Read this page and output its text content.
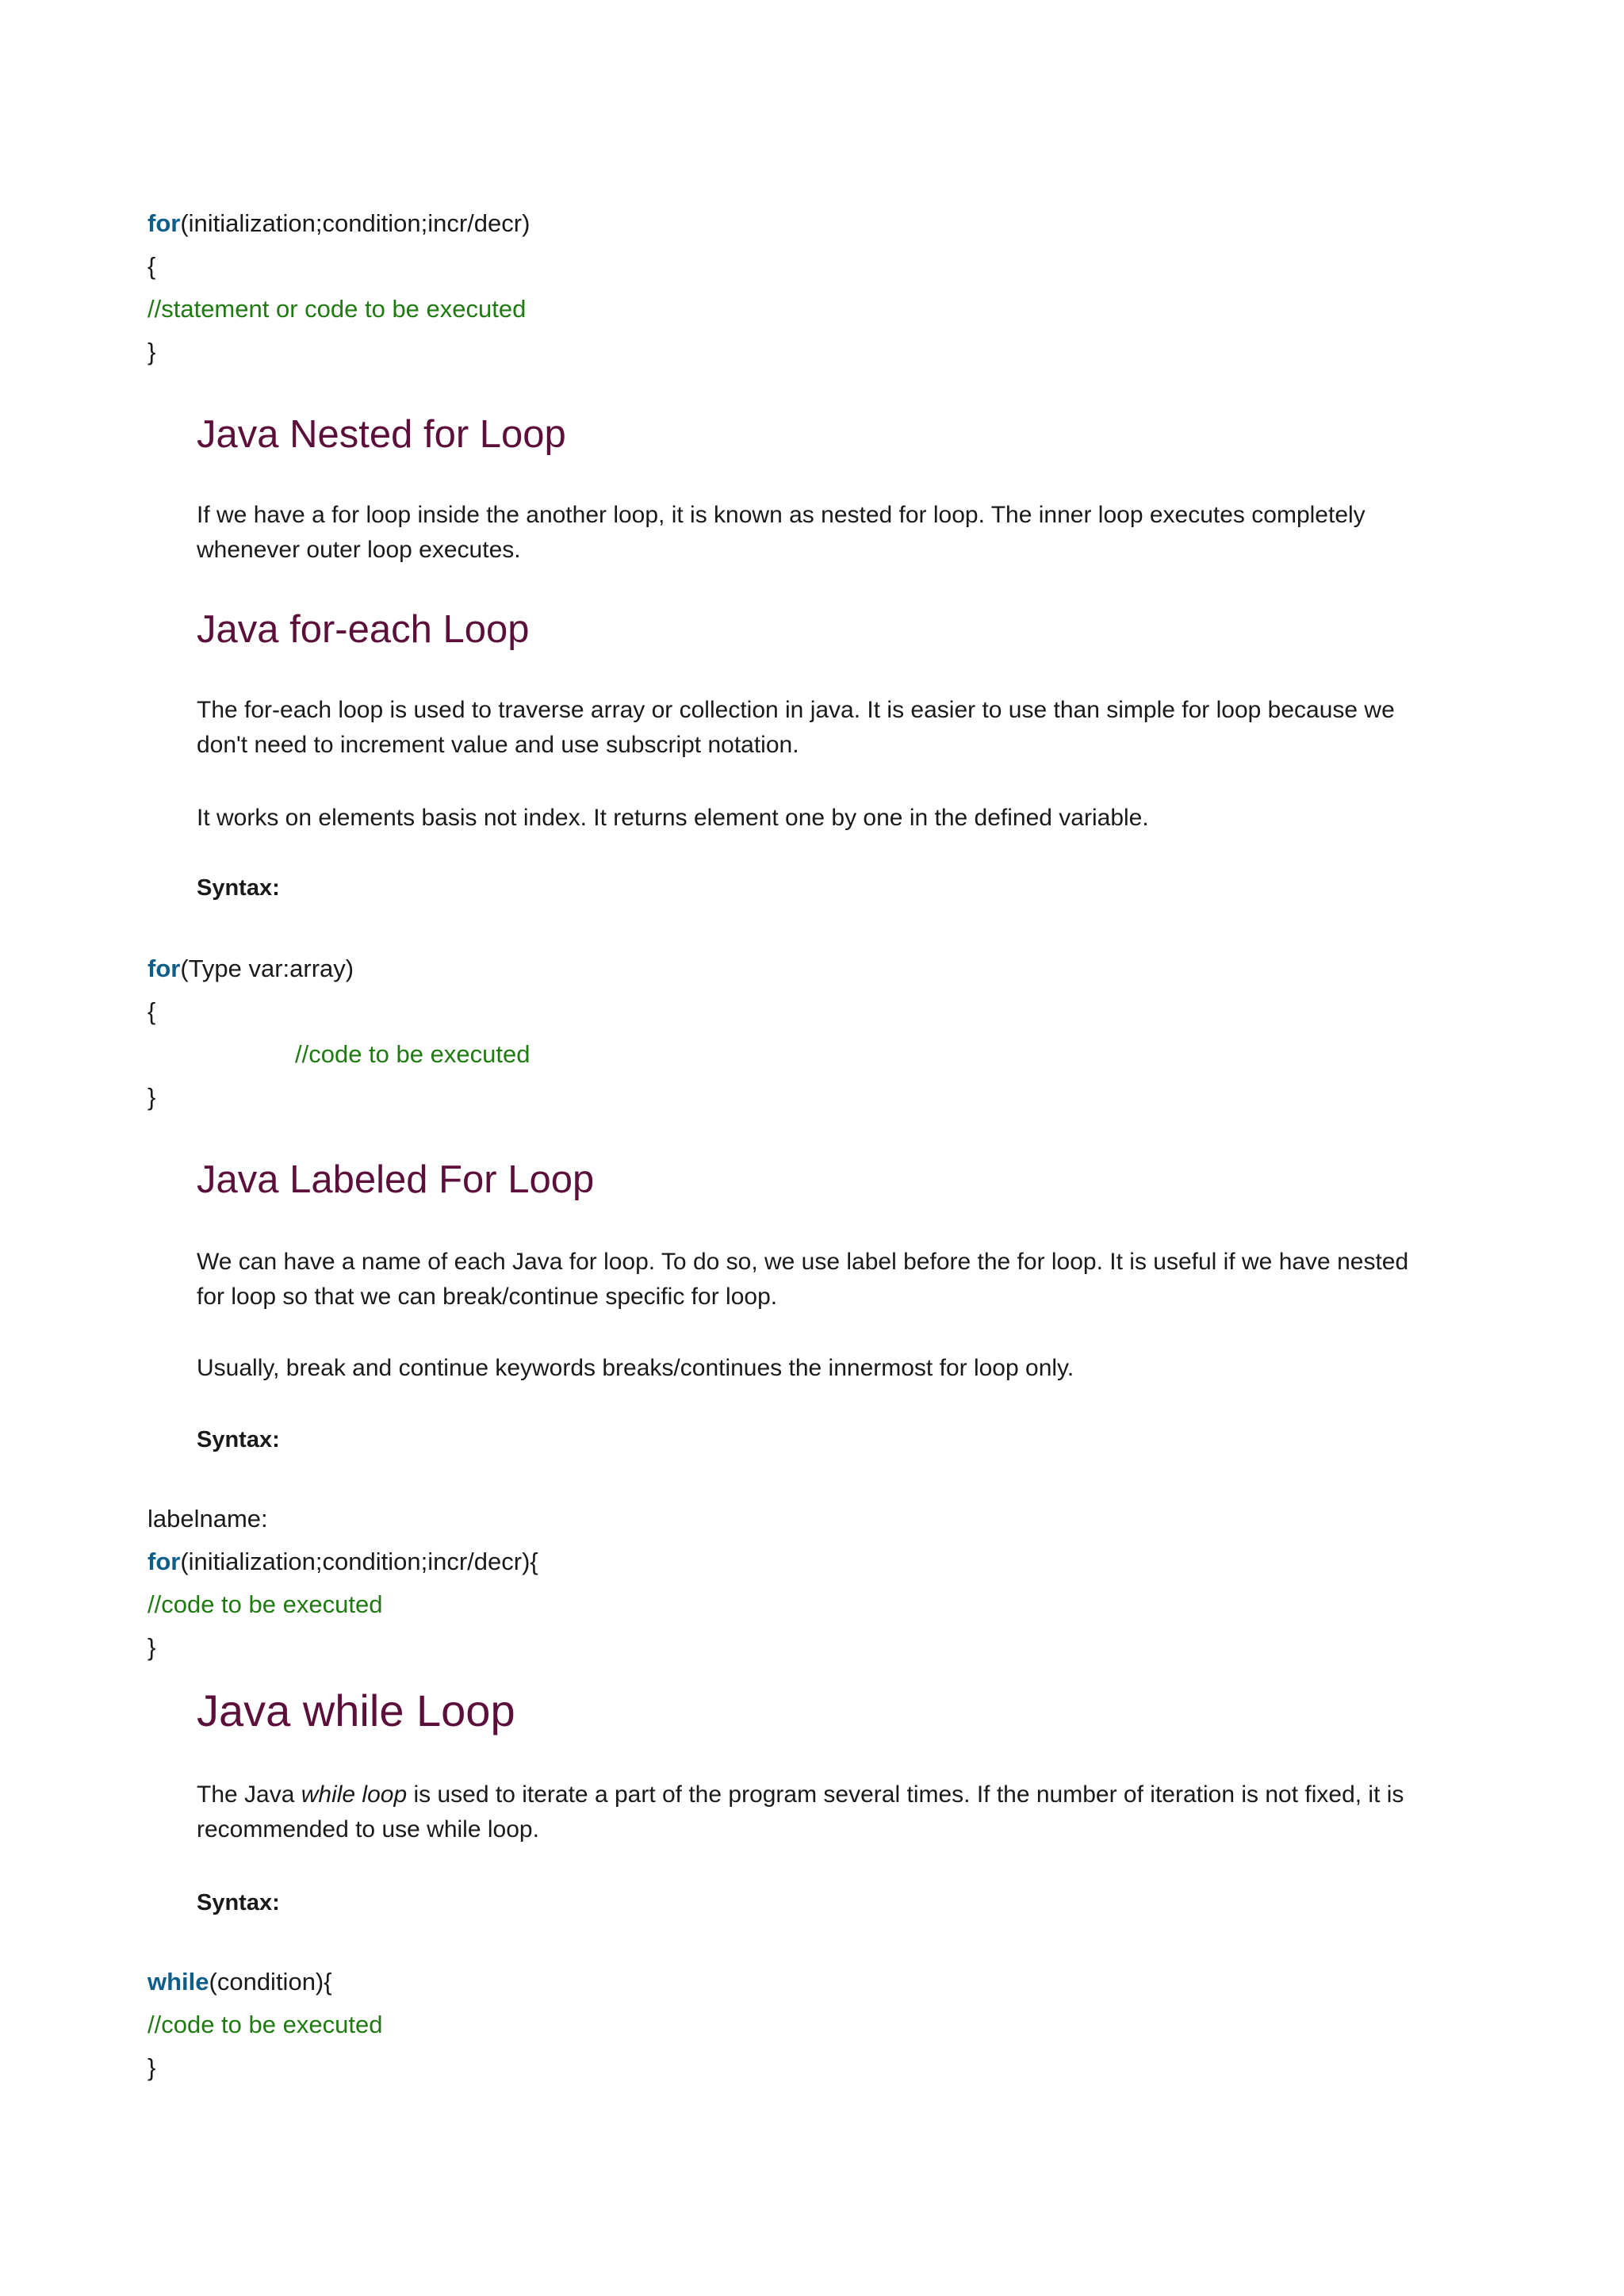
for(initialization;condition;incr/decr)
{
//statement or code to be executed
}
Java Nested for Loop
If we have a for loop inside the another loop, it is known as nested for loop. The inner loop executes completely whenever outer loop executes.
Java for-each Loop
The for-each loop is used to traverse array or collection in java. It is easier to use than simple for loop because we don't need to increment value and use subscript notation.
It works on elements basis not index. It returns element one by one in the defined variable.
Syntax:
for(Type var:array)
{
//code to be executed
}
Java Labeled For Loop
We can have a name of each Java for loop. To do so, we use label before the for loop. It is useful if we have nested for loop so that we can break/continue specific for loop.
Usually, break and continue keywords breaks/continues the innermost for loop only.
Syntax:
labelname:
for(initialization;condition;incr/decr){
//code to be executed
}
Java while Loop
The Java while loop is used to iterate a part of the program several times. If the number of iteration is not fixed, it is recommended to use while loop.
Syntax:
while(condition){
//code to be executed
}
